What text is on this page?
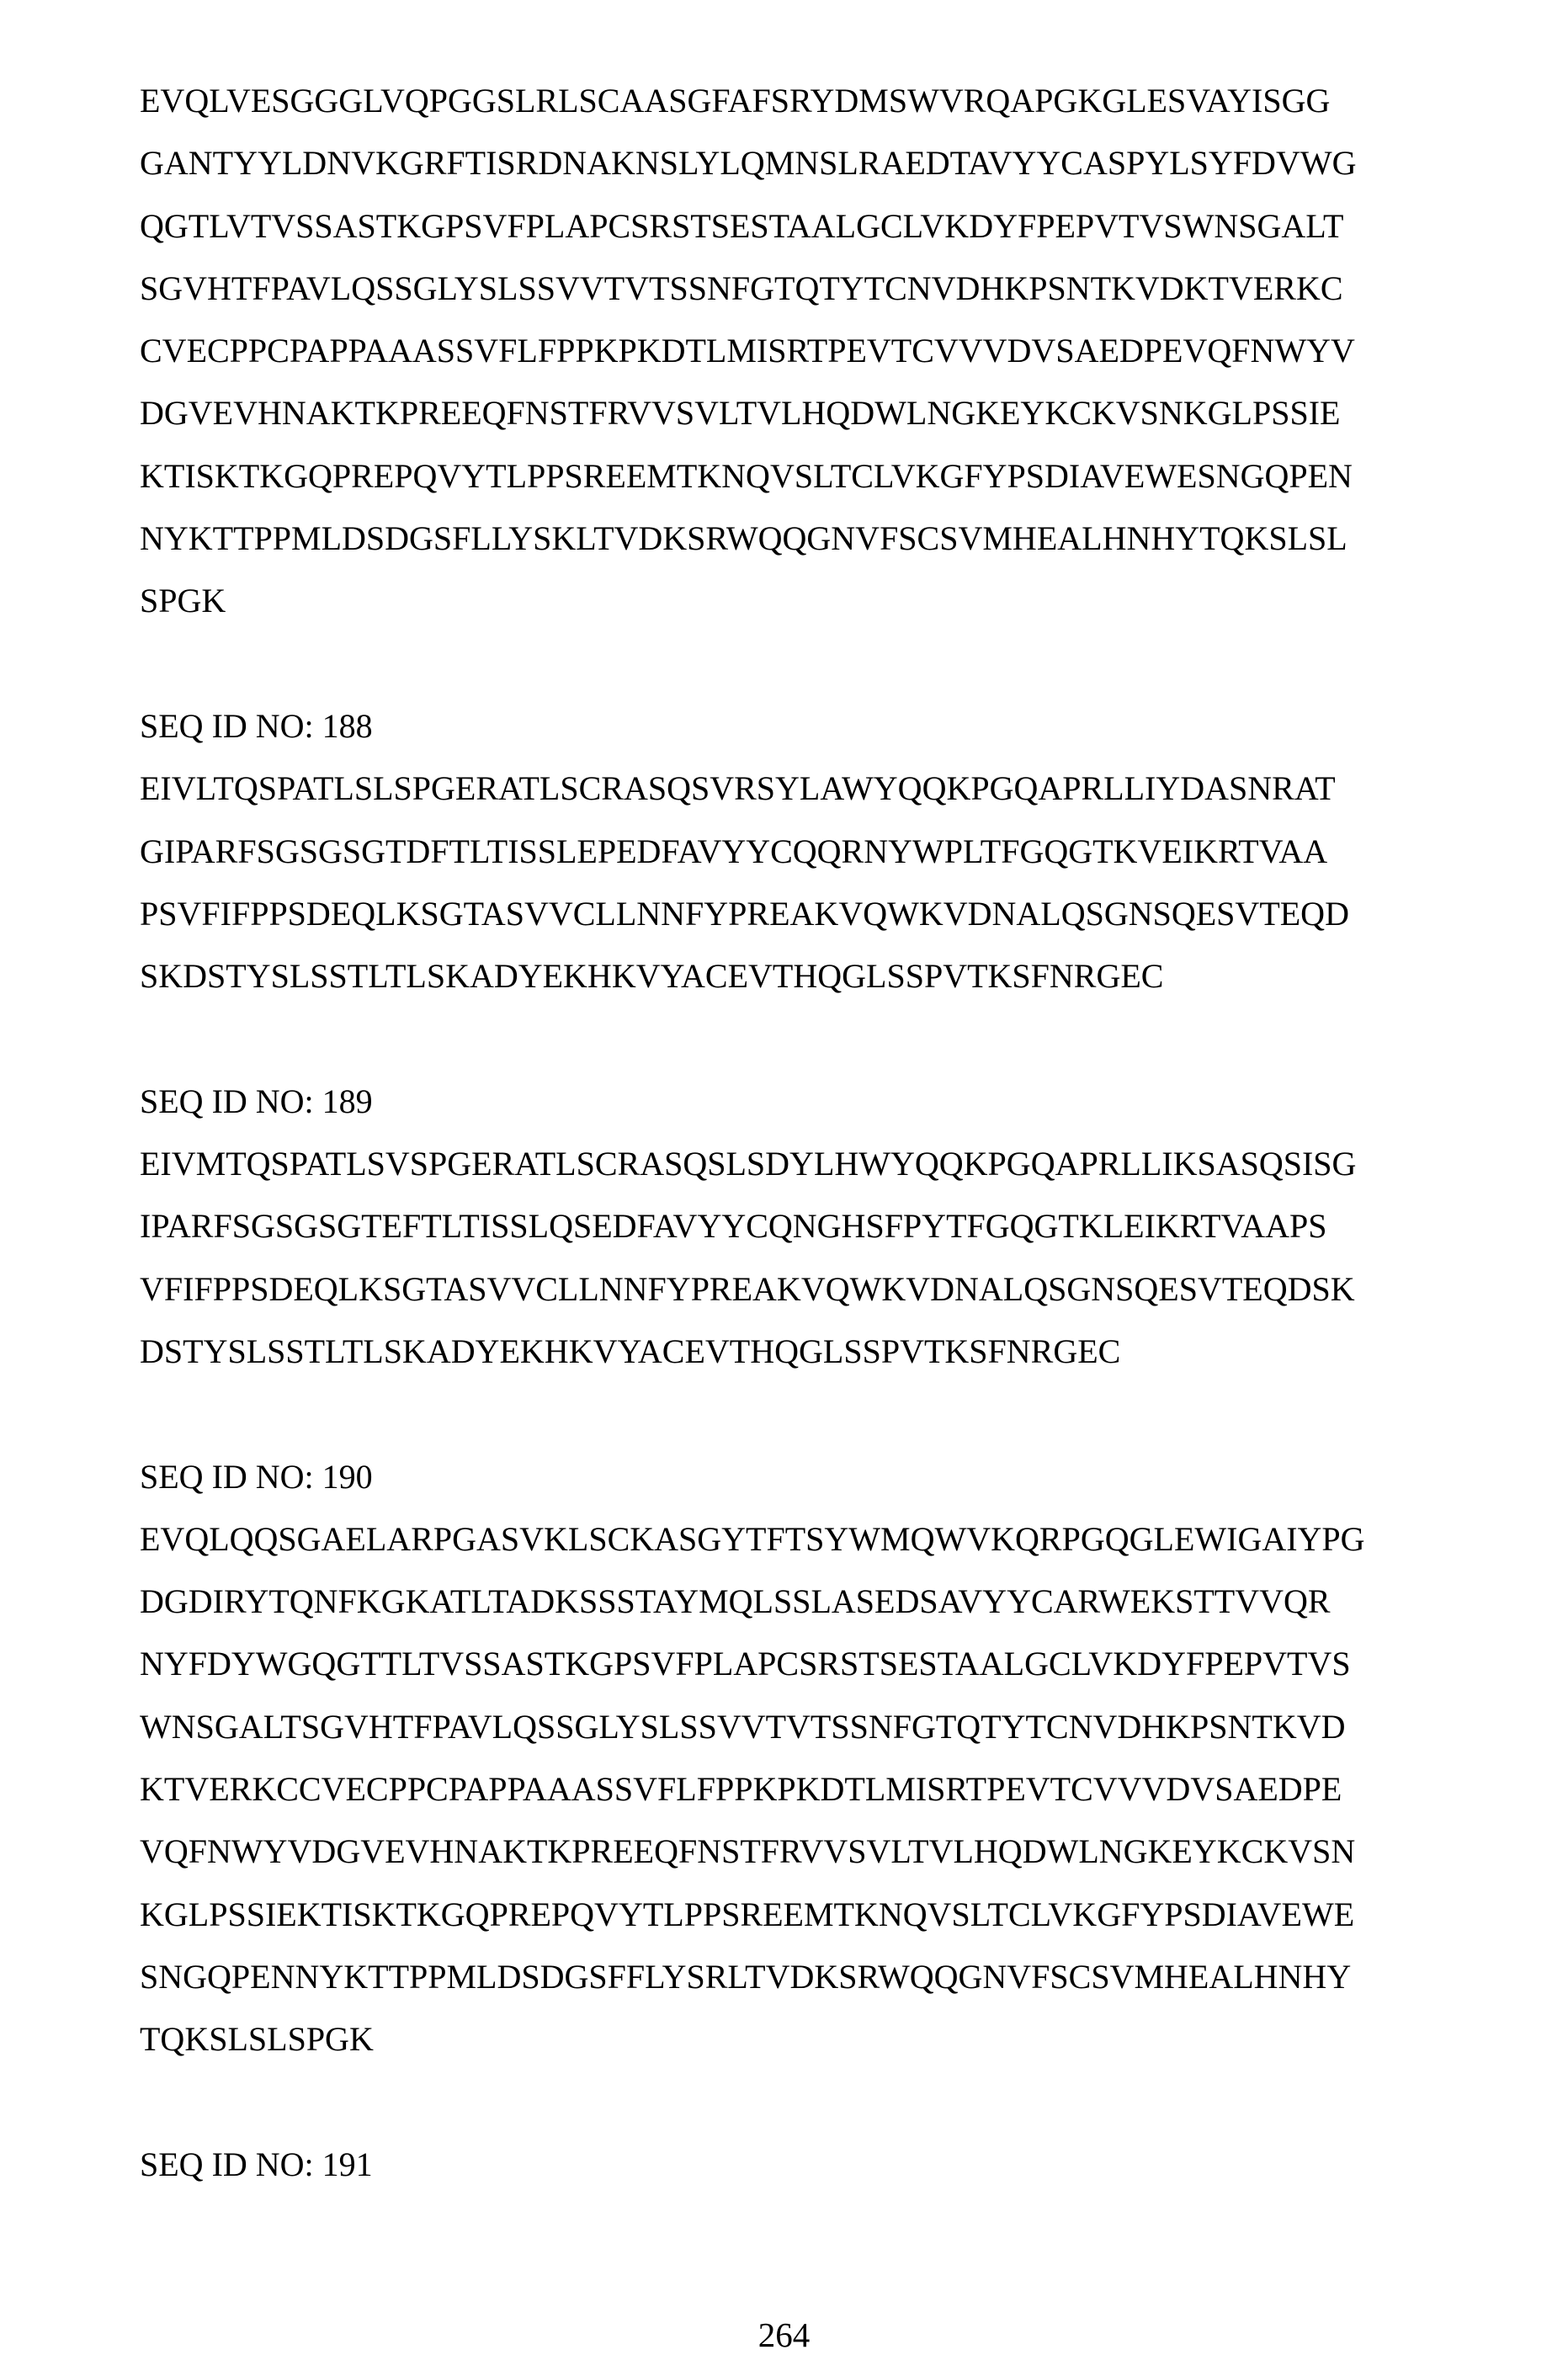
EVQLVESGGGLVQPGGSLRLSCAASGFAFSRYDMSWVRQAPGKGLESVAYISGG
GANTYYLDNVKGRFTISRDNAKNSLYLQMNSLRAEDTAVYYCASPYLSYFDVWG
QGTLVTVSSASTKGPSVFPLAPCSRSTSESTAALGCLVKDYFPEPVTVSWNSGALT
SGVHTFPAVLQSSGLYSLSSVVTVTSSNFGTQTYTCNVDHKPSNTKVDKTVERKC
CVECPPCPAPPAAASSVFLFPPKPKDTLMISRTPEVTCVVVDVSAEDPEVQFNWYV
DGVEVHNAKTKPREEQFNSTFRVVSVLTVLHQDWLNGKEYKCKVSNKGLPSSIE
KTISKTKGQPREPQVYTLPPSREEMTKNQVSLTCLVKGFYPSDIAVEWESNGQPEN
NYKTTPPMLDSDGSFLLYSKLTVDKSRWQQGNVFSCSVMHEALHNHYTQKSLSL
SPGK
SEQ ID NO: 188
EIVLTQSPATLSLSPGERATLSCRASQSVRSYLAWYQQKPGQAPRLLIYDASNRAT
GIPARFSGSGSGTDFTLTISSLEPEDFAVYYCQQRNYWPLTFGQGTKVEIKRTVAA
PSVFIFPPSDEQLKSGTASVVCLLNNFYPREAKVQWKVDNALQSGNSQESVTEQD
SKDSTYSLSSTLTLSKADYEKHKVYACEVTHQGLSSPVTKSFNRGEC
SEQ ID NO: 189
EIVMTQSPATLSVSPGERATLSCRASQSLSDYLHWYQQKPGQAPRLLIKSASQSISG
IPARFSGSGSGTEFTLTISSLQSEDFAVYYCQNGHSFPYTFGQGTKLEIKRTVAAPS
VFIFPPSDEQLKSGTASVVCLLNNFYPREAKVQWKVDNALQSGNSQESVTEQDSK
DSTYSLSSTLTLSKADYEKHKVYACEVTHQGLSSPVTKSFNRGEC
SEQ ID NO: 190
EVQLQQSGAELARPGASVKLSCKASGYTFTSYWMQWVKQRPGQGLEWIGAIYPG
DGDIRYTQNFKGKATLTADKSSSTAYMQLSSLASEDSAVYYCARWEKSTTVVQR
NYFDYWGQGTTLTVSSASTKGPSVFPLAPCSRSTSESTAALGCLVKDYFPEPVTVS
WNSGALTSGVHTFPAVLQSSGLYSLSSVVTVTSSNFGTQTYTCNVDHKPSNTKVD
KTVERKCCVECPPCPAPPAAASSVFLFPPKPKDTLMISRTPEVTCVVVDVSAEDPE
VQFNWYVDGVEVHNAKTKPREEQFNSTFRVVSVLTVLHQDWLNGKEYKCKVSN
KGLPSSIEKTISKTKGQPREPQVYTLPPSREEMTKNQVSLTCLVKGFYPSDIAVEWE
SNGQPENNYKTTPPMLDSDGSFFLYSRLTVDKSRWQQGNVFSCSVMHEALHNHY
TQKSLSLSPGK
SEQ ID NO: 191
264
